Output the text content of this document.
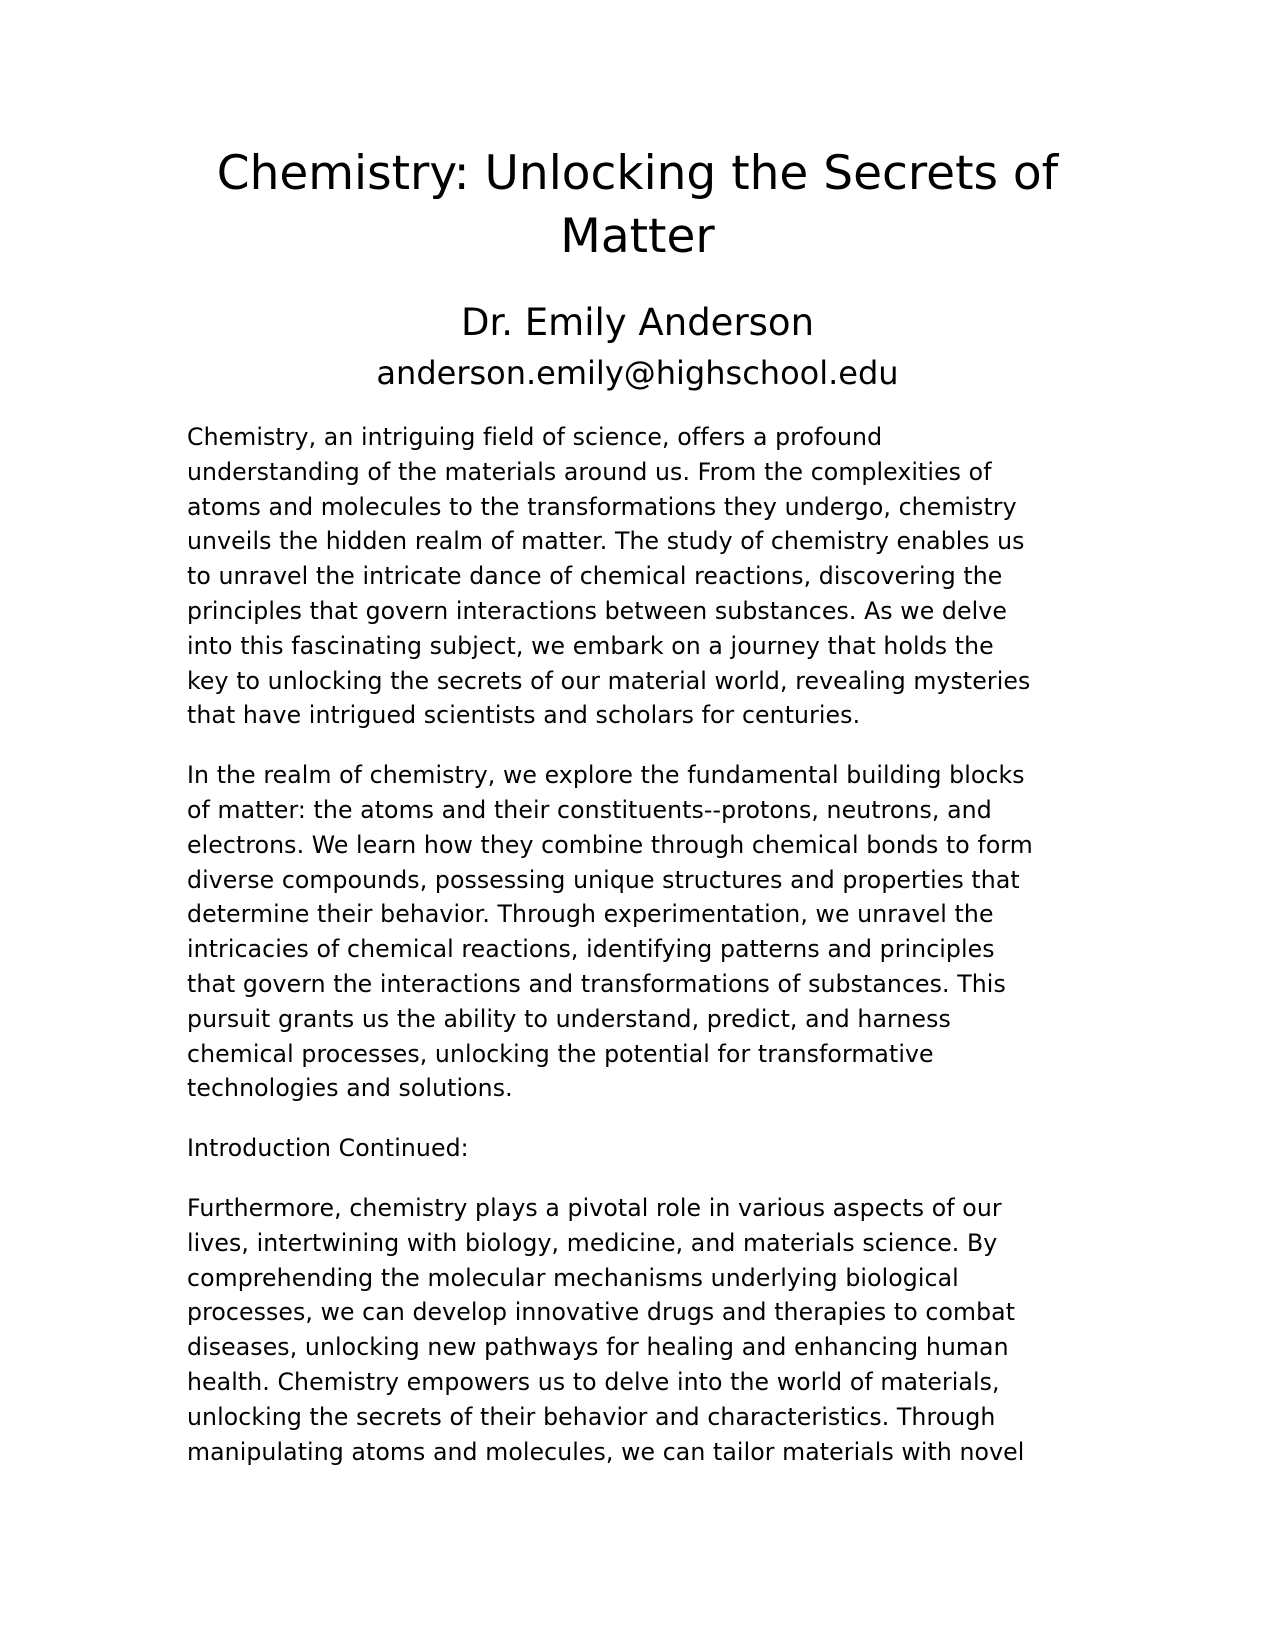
Chemistry: Unlocking the Secrets of
Matter
Dr. Emily Anderson
anderson.emily@highschool.edu

Chemistry, an intriguing field of science, offers a profound
understanding of the materials around us. From the complexities of
atoms and molecules to the transformations they undergo, chemistry
unveils the hidden realm of matter. The study of chemistry enables us
to unravel the intricate dance of chemical reactions, discovering the
principles that govern interactions between substances. As we delve
into this fascinating subject, we embark on a journey that holds the
key to unlocking the secrets of our material world, revealing mysteries
that have intrigued scientists and scholars for centuries.

In the realm of chemistry, we explore the fundamental building blocks
of matter: the atoms and their constituents--protons, neutrons, and
electrons. We learn how they combine through chemical bonds to form
diverse compounds, possessing unique structures and properties that
determine their behavior. Through experimentation, we unravel the
intricacies of chemical reactions, identifying patterns and principles
that govern the interactions and transformations of substances. This
pursuit grants us the ability to understand, predict, and harness
chemical processes, unlocking the potential for transformative
technologies and solutions.

Introduction Continued:

Furthermore, chemistry plays a pivotal role in various aspects of our
lives, intertwining with biology, medicine, and materials science. By
comprehending the molecular mechanisms underlying biological
processes, we can develop innovative drugs and therapies to combat
diseases, unlocking new pathways for healing and enhancing human
health. Chemistry empowers us to delve into the world of materials,
unlocking the secrets of their behavior and characteristics. Through
manipulating atoms and molecules, we can tailor materials with novel
